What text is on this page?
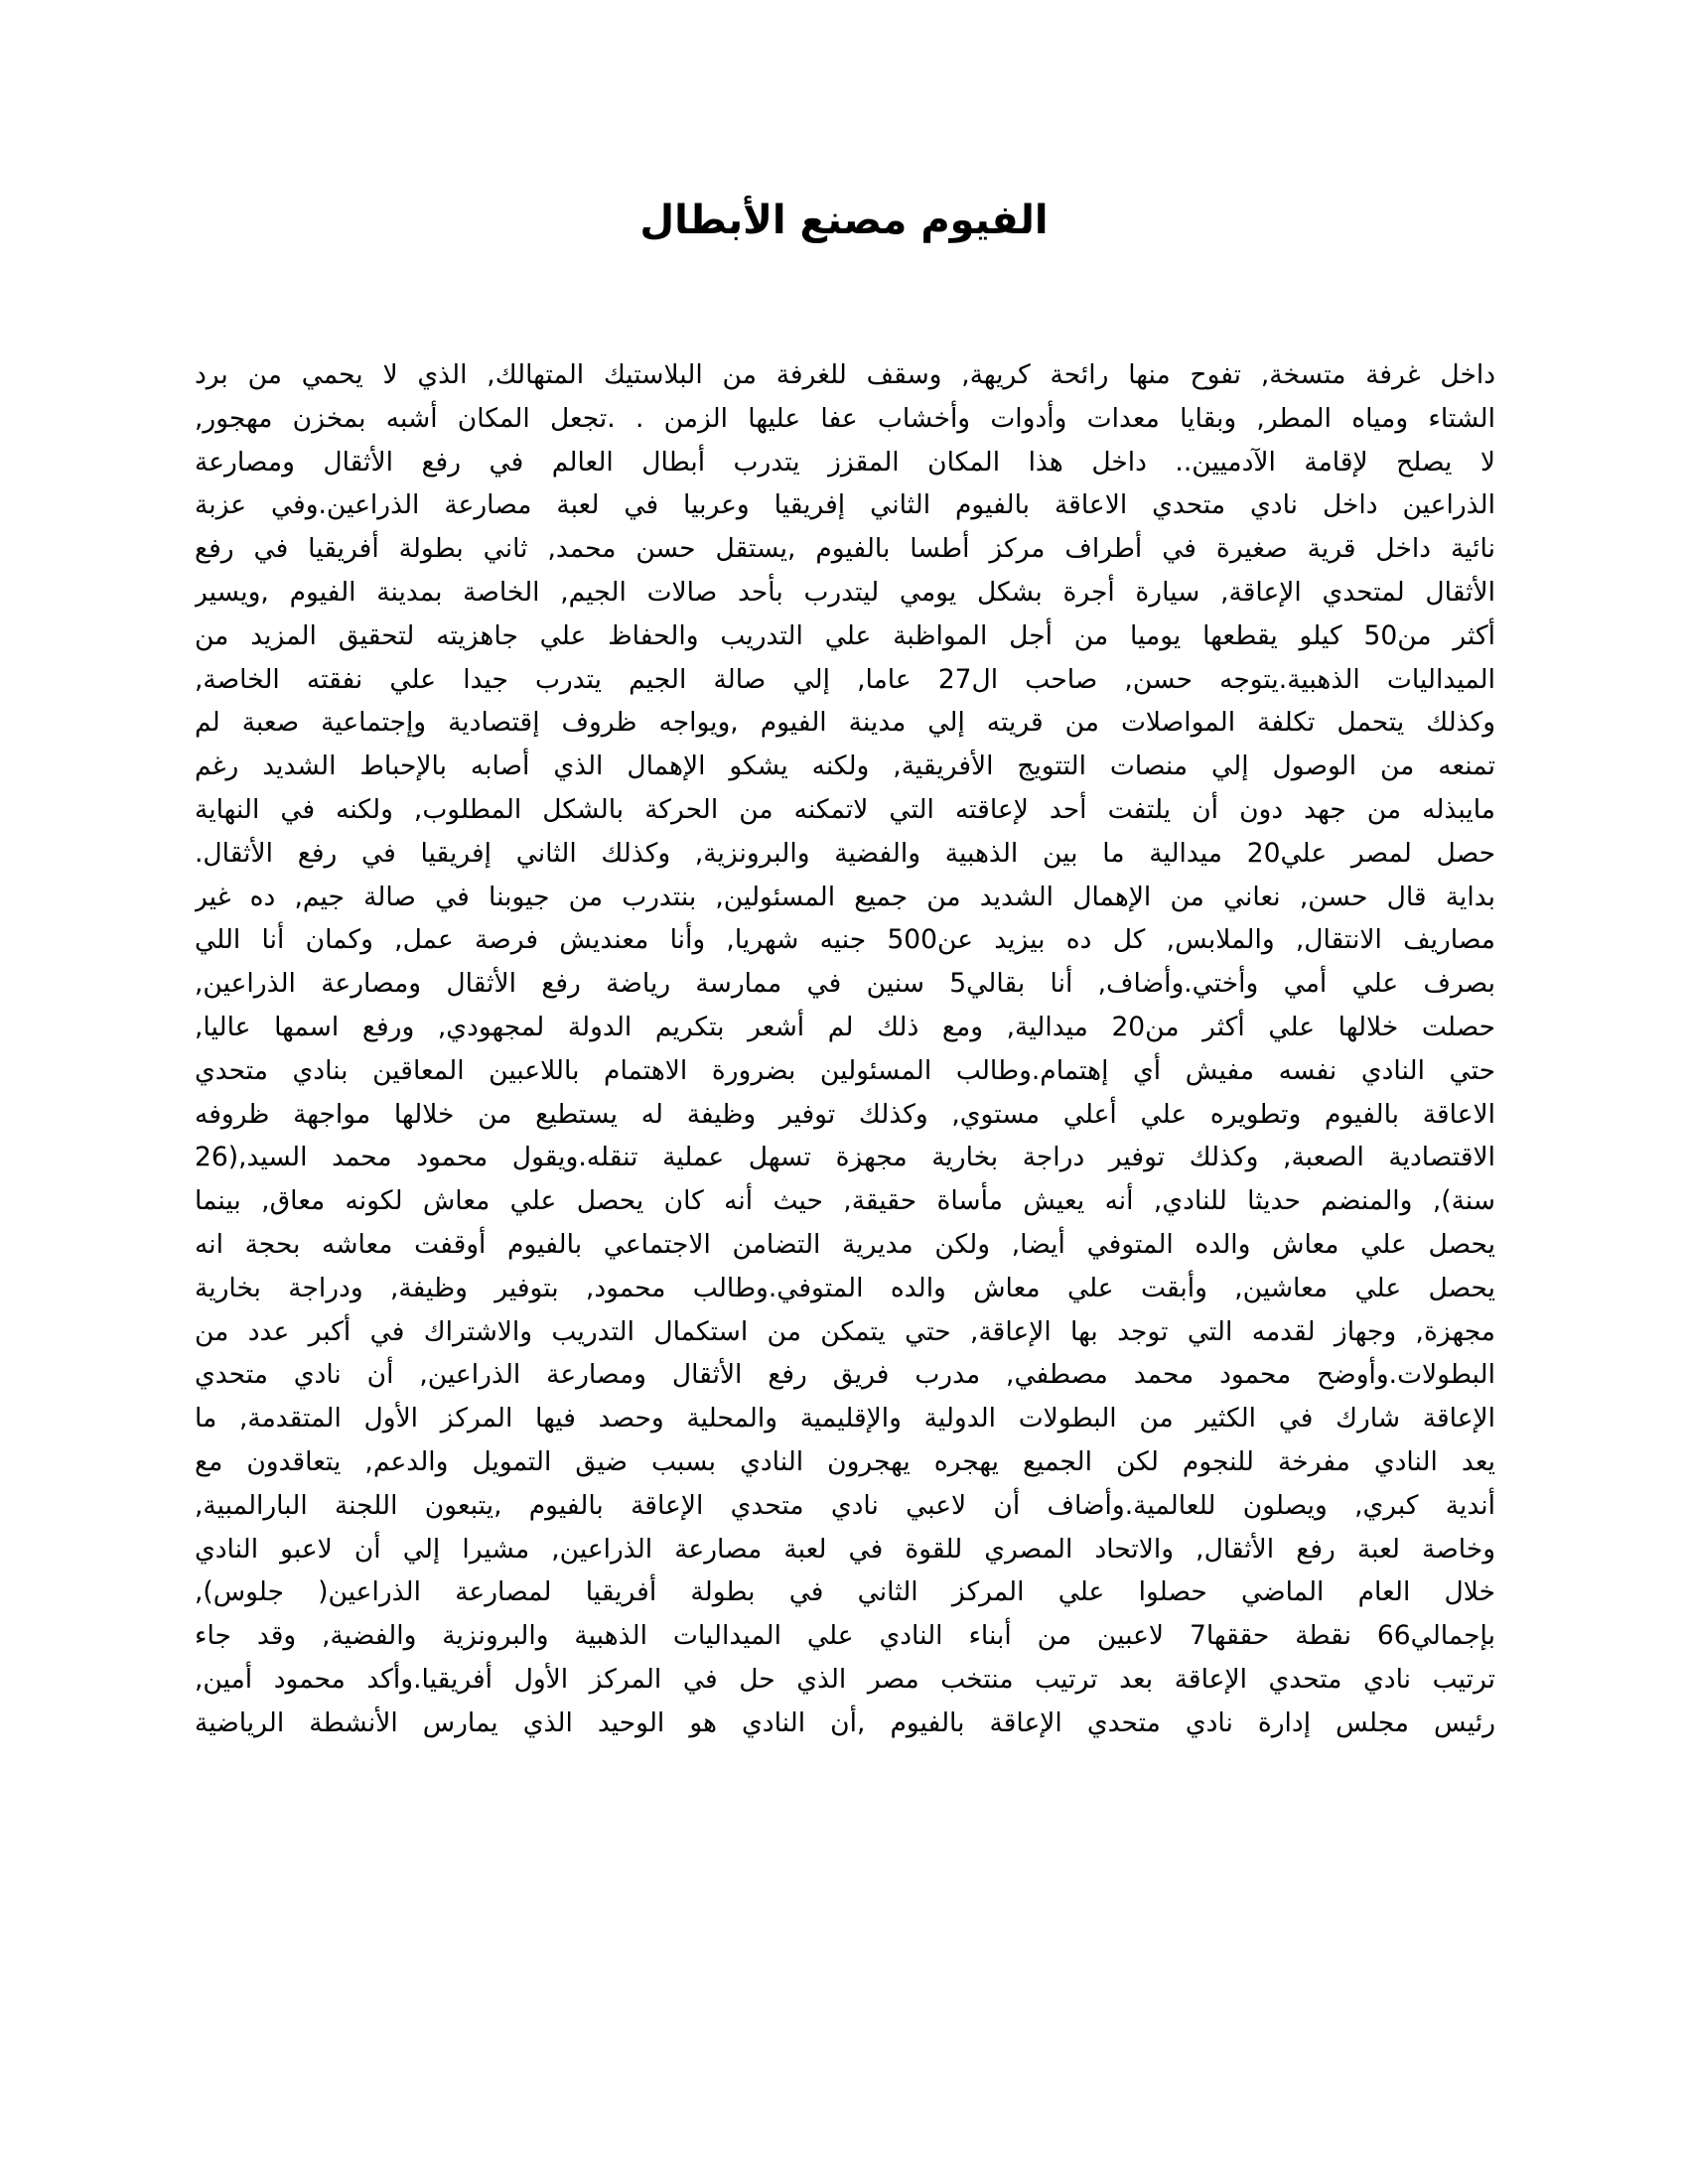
الفيوم مصنع الأبطال
داخل غرفة متسخة, تفوح منها رائحة كريهة, وسقف للغرفة من البلاستيك المتهالك, الذي لا يحمي من برد
الشتاء ومياه المطر, وبقايا معدات وأدوات وأخشاب عفا عليها الزمن . .تجعل المكان أشبه بمخزن مهجور,
لا يصلح لإقامة الآدميين.. داخل هذا المكان المقزز يتدرب أبطال العالم في رفع الأثقال ومصارعة
الذراعين داخل نادي متحدي الاعاقة بالفيوم الثاني إفريقيا وعربيا في لعبة مصارعة الذراعين.وفي عزبة
نائية داخل قرية صغيرة في أطراف مركز أطسا بالفيوم ,يستقل حسن محمد, ثاني بطولة أفريقيا في رفع
الأثقال لمتحدي الإعاقة, سيارة أجرة بشكل يومي ليتدرب بأحد صالات الجيم, الخاصة بمدينة الفيوم ,ويسير
أكثر من50 كيلو يقطعها يوميا من أجل المواظبة علي التدريب والحفاظ علي جاهزيته لتحقيق المزيد من
الميداليات الذهبية.يتوجه حسن, صاحب ال27 عاما, إلي صالة الجيم يتدرب جيدا علي نفقته الخاصة,
وكذلك يتحمل تكلفة المواصلات من قريته إلي مدينة الفيوم ,ويواجه ظروف إقتصادية وإجتماعية صعبة لم
تمنعه من الوصول إلي منصات التتويج الأفريقية, ولكنه يشكو الإهمال الذي أصابه بالإحباط الشديد رغم
مايبذله من جهد دون أن يلتفت أحد لإعاقته التي لاتمكنه من الحركة بالشكل المطلوب, ولكنه في النهاية
حصل لمصر علي20 ميدالية ما بين الذهبية والفضية والبرونزية, وكذلك الثاني إفريقيا في رفع الأثقال.
بداية قال حسن, نعاني من الإهمال الشديد من جميع المسئولين, بنتدرب من جيوبنا في صالة جيم, ده غير
مصاريف الانتقال, والملابس, كل ده بيزيد عن500 جنيه شهريا, وأنا معنديش فرصة عمل, وكمان أنا اللي
بصرف علي أمي وأختي.وأضاف, أنا بقالي5 سنين في ممارسة رياضة رفع الأثقال ومصارعة الذراعين,
حصلت خلالها علي أكثر من20 ميدالية, ومع ذلك لم أشعر بتكريم الدولة لمجهودي, ورفع اسمها عاليا,
حتي النادي نفسه مفيش أي إهتمام.وطالب المسئولين بضرورة الاهتمام باللاعبين المعاقين بنادي متحدي
الاعاقة بالفيوم وتطويره علي أعلي مستوي, وكذلك توفير وظيفة له يستطيع من خلالها مواجهة ظروفه
الاقتصادية الصعبة, وكذلك توفير دراجة بخارية مجهزة تسهل عملية تنقله.ويقول محمود محمد السيد,(26
سنة), والمنضم حديثا للنادي, أنه يعيش مأساة حقيقة, حيث أنه كان يحصل علي معاش لكونه معاق, بينما
يحصل علي معاش والده المتوفي أيضا, ولكن مديرية التضامن الاجتماعي بالفيوم أوقفت معاشه بحجة انه
يحصل علي معاشين, وأبقت علي معاش والده المتوفي.وطالب محمود, بتوفير وظيفة, ودراجة بخارية
مجهزة, وجهاز لقدمه التي توجد بها الإعاقة, حتي يتمكن من استكمال التدريب والاشتراك في أكبر عدد من
البطولات.وأوضح محمود محمد مصطفي, مدرب فريق رفع الأثقال ومصارعة الذراعين, أن نادي متحدي
الإعاقة شارك في الكثير من البطولات الدولية والإقليمية والمحلية وحصد فيها المركز الأول المتقدمة, ما
يعد النادي مفرخة للنجوم لكن الجميع يهجره يهجرون النادي بسبب ضيق التمويل والدعم, يتعاقدون مع
أندية كبري, ويصلون للعالمية.وأضاف أن لاعبي نادي متحدي الإعاقة بالفيوم ,يتبعون اللجنة البارالمبية,
وخاصة لعبة رفع الأثقال, والاتحاد المصري للقوة في لعبة مصارعة الذراعين, مشيرا إلي أن لاعبو النادي
خلال العام الماضي حصلوا علي المركز الثاني في بطولة أفريقيا لمصارعة الذراعين( جلوس),
بإجمالي66 نقطة حققها7 لاعبين من أبناء النادي علي الميداليات الذهبية والبرونزية والفضية, وقد جاء
ترتيب نادي متحدي الإعاقة بعد ترتيب منتخب مصر الذي حل في المركز الأول أفريقيا.وأكد محمود أمين,
رئيس مجلس إدارة نادي متحدي الإعاقة بالفيوم ,أن النادي هو الوحيد الذي يمارس الأنشطة الرياضية
